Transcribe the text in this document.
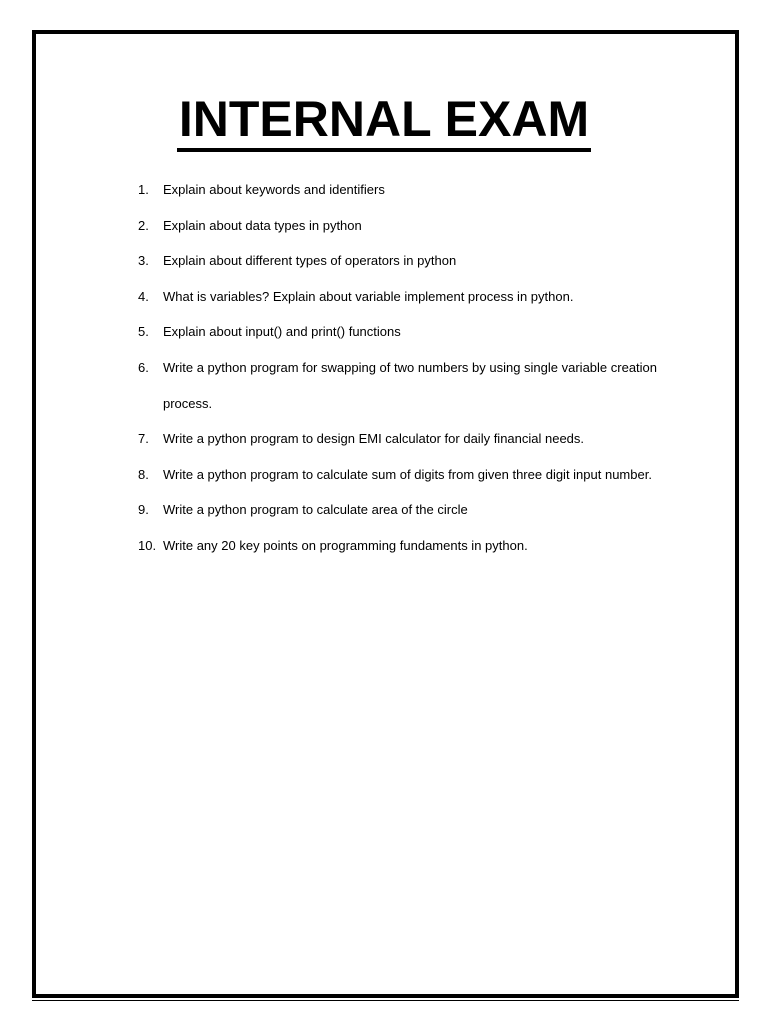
INTERNAL EXAM
1.	Explain about keywords and identifiers
2.	Explain about data types in python
3.	Explain about different types of operators in python
4.	What is variables? Explain about variable implement process in python.
5.	Explain about input() and print() functions
6.	Write a python program for swapping of two numbers by using single variable creation process.
7.	Write a python program to design EMI calculator for daily financial needs.
8.	Write a python program to calculate sum of digits from given three digit input number.
9.	Write a python program to calculate area of the circle
10. Write any 20 key points on programming fundaments in python.
